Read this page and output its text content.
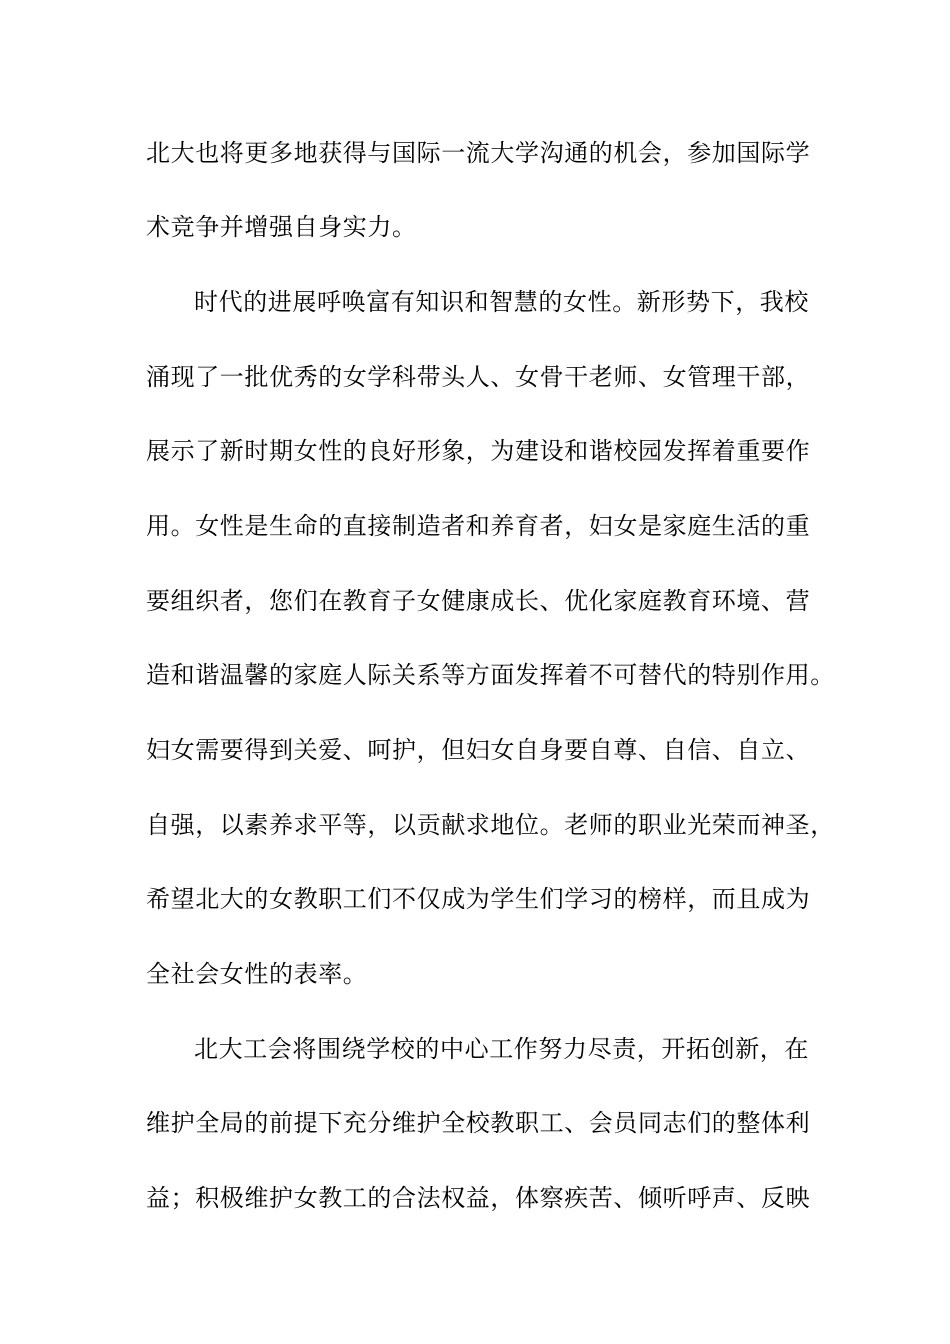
北大也将更多地获得与国际一流大学沟通的机会，参加国际学
术竞争并增强自身实力。
时代的进展呼唤富有知识和智慧的女性。新形势下，我校
涌现了一批优秀的女学科带头人、女骨干老师、女管理干部，
展示了新时期女性的良好形象，为建设和谐校园发挥着重要作
用。女性是生命的直接制造者和养育者，妇女是家庭生活的重
要组织者，您们在教育子女健康成长、优化家庭教育环境、营
造和谐温馨的家庭人际关系等方面发挥着不可替代的特别作用。
妇女需要得到关爱、呵护，但妇女自身要自尊、自信、自立、
自强，以素养求平等，以贡献求地位。老师的职业光荣而神圣，
希望北大的女教职工们不仅成为学生们学习的榜样，而且成为
全社会女性的表率。
北大工会将围绕学校的中心工作努力尽责，开拓创新，在
维护全局的前提下充分维护全校教职工、会员同志们的整体利
益；积极维护女教工的合法权益，体察疾苦、倾听呼声、反映
